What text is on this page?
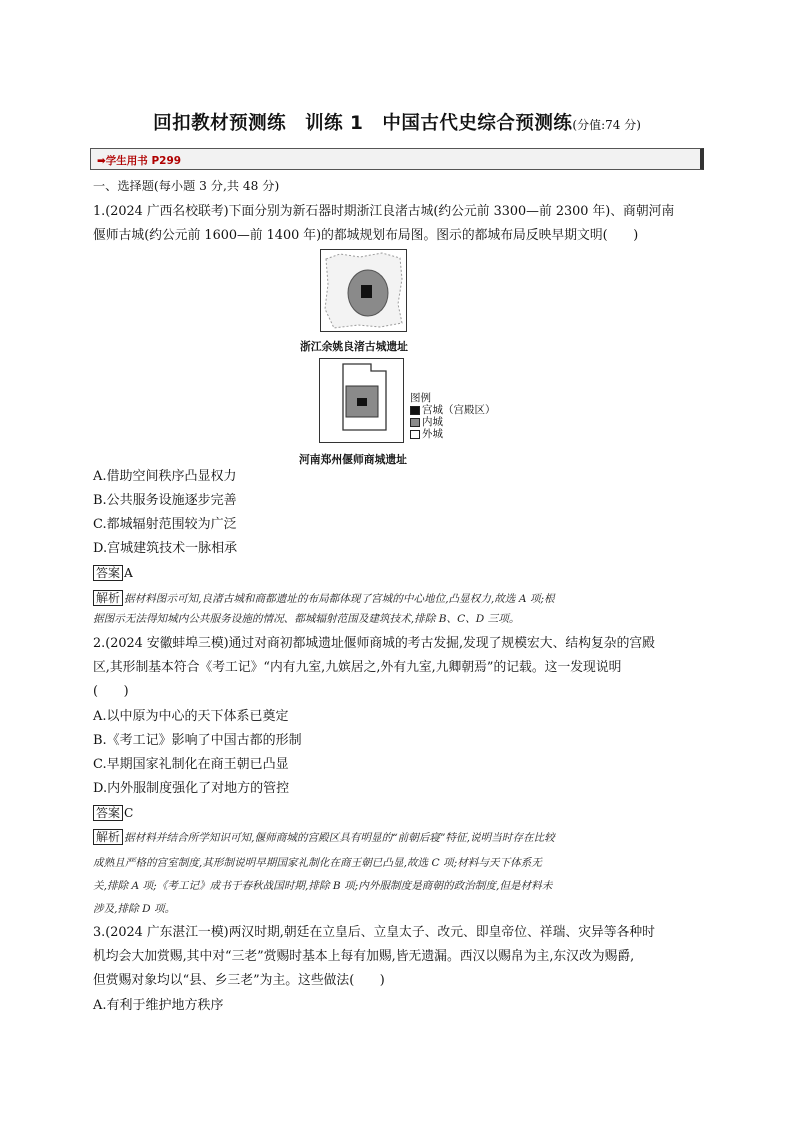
回扣教材预测练　训练 1　中国古代史综合预测练(分值:74 分)
➡学生用书 P299
一、选择题(每小题 3 分,共 48 分)
1.(2024 广西名校联考)下面分别为新石器时期浙江良渚古城(约公元前 3300—前 2300 年)、商朝河南
偃师古城(约公元前 1600—前 1400 年)的都城规划布局图。图示的都城布局反映早期文明(　　)
浙江余姚良渚古城遗址
图例
宫城（宫殿区）
内城
外城
河南郑州偃师商城遗址
A.借助空间秩序凸显权力
B.公共服务设施逐步完善
C.都城辐射范围较为广泛
D.宫城建筑技术一脉相承
答案 A
解析 据材料图示可知,良渚古城和商都遗址的布局都体现了宫城的中心地位,凸显权力,故选 A 项;根
据图示无法得知城内公共服务设施的情况、都城辐射范围及建筑技术,排除 B、C、D 三项。
2.(2024 安徽蚌埠三模)通过对商初都城遗址偃师商城的考古发掘,发现了规模宏大、结构复杂的宫殿
区,其形制基本符合《考工记》“内有九室,九嫔居之,外有九室,九卿朝焉”的记载。这一发现说明
(　　)
A.以中原为中心的天下体系已奠定
B.《考工记》影响了中国古都的形制
C.早期国家礼制化在商王朝已凸显
D.内外服制度强化了对地方的管控
答案 C
解析 据材料并结合所学知识可知,偃师商城的宫殿区具有明显的“前朝后寝”特征,说明当时存在比较
成熟且严格的宫室制度,其形制说明早期国家礼制化在商王朝已凸显,故选 C 项;材料与天下体系无
关,排除 A 项;《考工记》成书于春秋战国时期,排除 B 项;内外服制度是商朝的政治制度,但是材料未
涉及,排除 D 项。
3.(2024 广东湛江一模)两汉时期,朝廷在立皇后、立皇太子、改元、即皇帝位、祥瑞、灾异等各种时
机均会大加赏赐,其中对“三老”赏赐时基本上每有加赐,皆无遗漏。西汉以赐帛为主,东汉改为赐爵,
但赏赐对象均以“县、乡三老”为主。这些做法(　　)
A.有利于维护地方秩序
